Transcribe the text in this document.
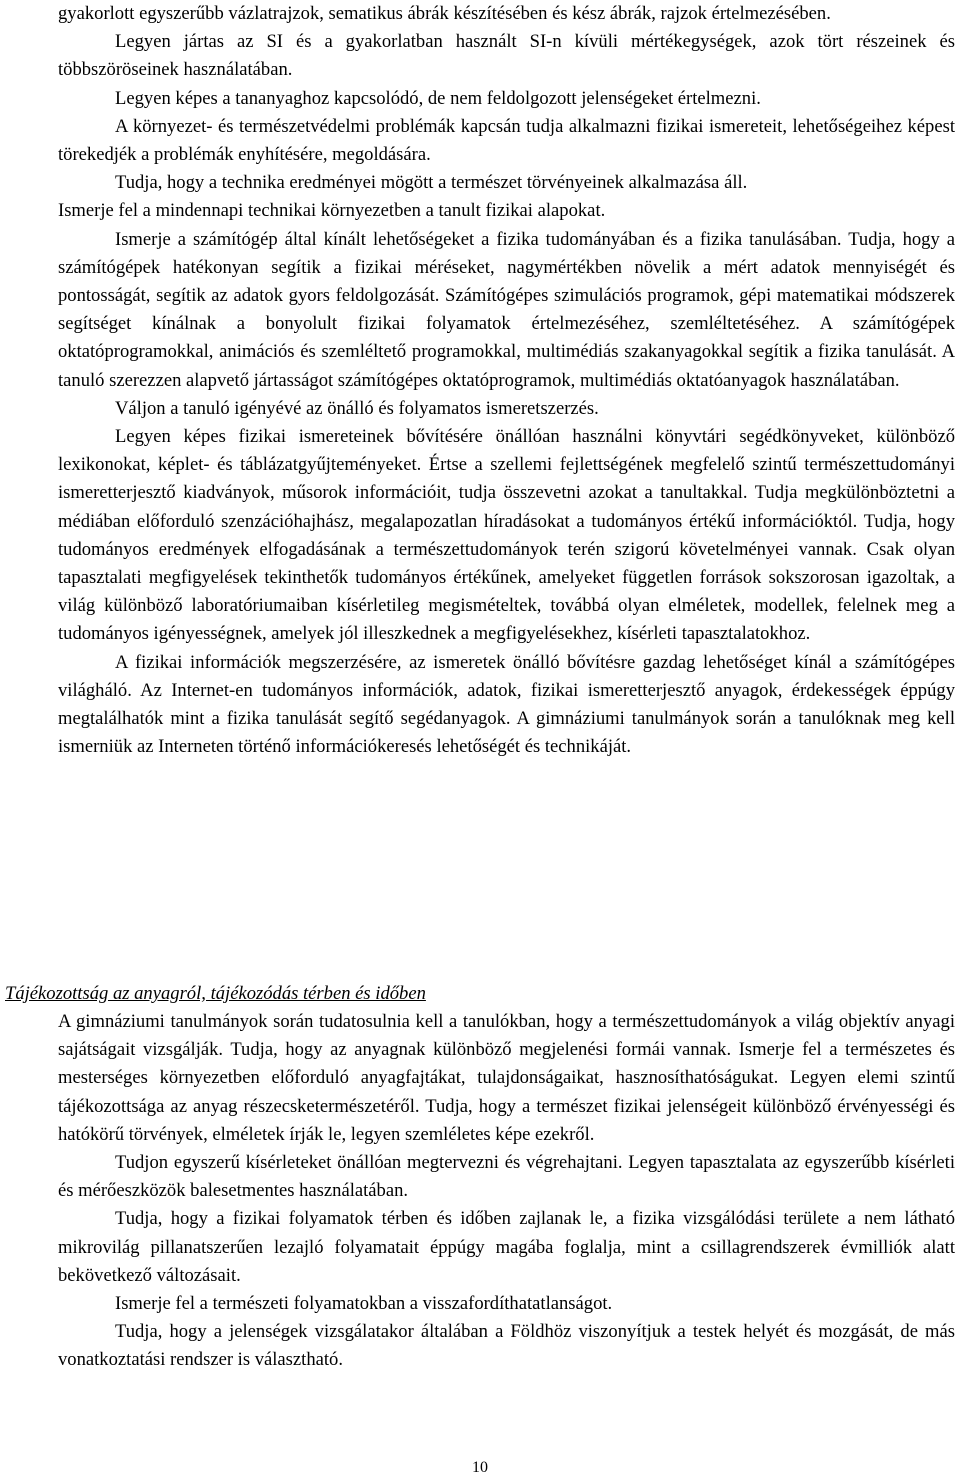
gyakorlott egyszerűbb vázlatrajzok, sematikus ábrák készítésében és kész ábrák, rajzok értelmezésében.

Legyen jártas az SI és a gyakorlatban használt SI-n kívüli mértékegységek, azok tört részeinek és többszöröseinek használatában.

Legyen képes a tananyaghoz kapcsolódó, de nem feldolgozott jelenségeket értelmezni.

A környezet- és természetvédelmi problémák kapcsán tudja alkalmazni fizikai ismereteit, lehetőségeihez képest törekedjék a problémák enyhítésére, megoldására.

Tudja, hogy a technika eredményei mögött a természet törvényeinek alkalmazása áll.

Ismerje fel a mindennapi technikai környezetben a tanult fizikai alapokat.

Ismerje a számítógép által kínált lehetőségeket a fizika tudományában és a fizika tanulásában. Tudja, hogy a számítógépek hatékonyan segítik a fizikai méréseket, nagymértékben növelik a mért adatok mennyiségét és pontosságát, segítik az adatok gyors feldolgozását. Számítógépes szimulációs programok, gépi matematikai módszerek segítséget kínálnak a bonyolult fizikai folyamatok értelmezéséhez, szemléltetéséhez. A számítógépek oktatóprogramokkal, animációs és szemléltető programokkal, multimédiás szakanyagokkal segítik a fizika tanulását. A tanuló szerezzen alapvető jártasságot számítógépes oktatóprogramok, multimédiás oktatóanyagok használatában.

Váljon a tanuló igényévé az önálló és folyamatos ismeretszerzés.

Legyen képes fizikai ismereteinek bővítésére önállóan használni könyvtári segédkönyveket, különböző lexikonokat, képlet- és táblázatgyűjteményeket. Értse a szellemi fejlettségének megfelelő szintű természettudományi ismeretterjesztő kiadványok, műsorok információit, tudja összevetni azokat a tanultakkal. Tudja megkülönböztetni a médiában előforduló szenzációhajhász, megalapozatlan híradásokat a tudományos értékű információktól. Tudja, hogy tudományos eredmények elfogadásának a természettudományok terén szigorú követelményei vannak. Csak olyan tapasztalati megfigyelések tekinthetők tudományos értékűnek, amelyeket független források sokszorosan igazoltak, a világ különböző laboratóriumaiban kísérletileg megismételtek, továbbá olyan elméletek, modellek, felelnek meg a tudományos igényességnek, amelyek jól illeszkednek a megfigyelésekhez, kísérleti tapasztalatokhoz.

A fizikai információk megszerzésére, az ismeretek önálló bővítésre gazdag lehetőséget kínál a számítógépes világháló. Az Internet-en tudományos információk, adatok, fizikai ismeretterjesztő anyagok, érdekességek éppúgy megtalálhatók mint a fizika tanulását segítő segédanyagok. A gimnáziumi tanulmányok során a tanulóknak meg kell ismerniük az Interneten történő információkeresés lehetőségét és technikáját.

Tájékozottság az anyagról, tájékozódás térben és időben

A gimnáziumi tanulmányok során tudatosulnia kell a tanulókban, hogy a természettudományok a világ objektív anyagi sajátságait vizsgálják. Tudja, hogy az anyagnak különböző megjelenési formái vannak. Ismerje fel a természetes és mesterséges környezetben előforduló anyagfajtákat, tulajdonságaikat, hasznosíthatóságukat. Legyen elemi szintű tájékozottsága az anyag részecsketermészetéről. Tudja, hogy a természet fizikai jelenségeit különböző érvényességi és hatókörű törvények, elméletek írják le, legyen szemléletes képe ezekről.

Tudjon egyszerű kísérleteket önállóan megtervezni és végrehajtani. Legyen tapasztalata az egyszerűbb kísérleti és mérőeszközök balesetmentes használatában.

Tudja, hogy a fizikai folyamatok térben és időben zajlanak le, a fizika vizsgálódási területe a nem látható mikrovilág pillanatszerűen lezajló folyamatait éppúgy magába foglalja, mint a csillagrendszerek évmilliók alatt bekövetkező változásait.

Ismerje fel a természeti folyamatokban a visszafordíthatatlanságot.

Tudja, hogy a jelenségek vizsgálatakor általában a Földhöz viszonyítjuk a testek helyét és mozgását, de más vonatkoztatási rendszer is választható.

10
